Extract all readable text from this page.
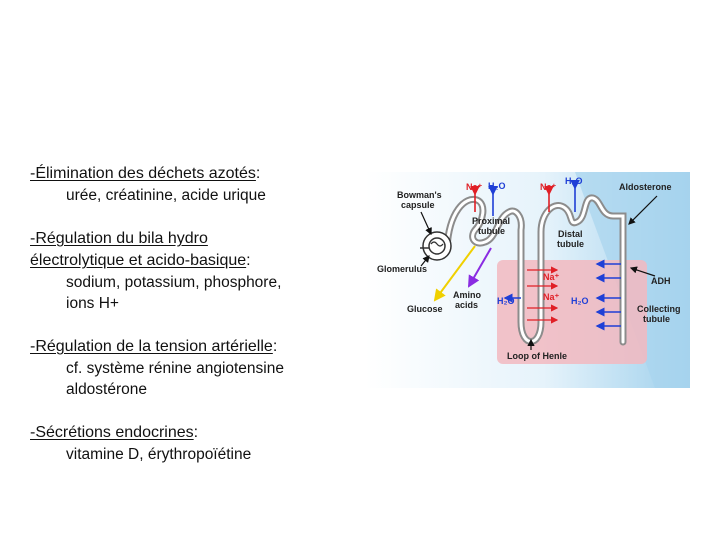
-Élimination des déchets azotés:
urée, créatinine, acide urique
-Régulation du bila hydro
électrolytique et acido-basique:
sodium, potassium, phosphore,
ions H+
-Régulation de la tension artérielle:
cf. système rénine angiotensine
aldostérone
-Sécrétions endocrines:
vitamine D, érythropoïétine
Bowman's
capsule
Na⁺ H₂O
Proximal
tubule
Na⁺
H₂O
Aldosterone
Distal
tubule
Glomerulus
Glucose
Amino
acids H₂O
Na⁺
Na⁺ H₂O
ADH
Collecting
tubule
Loop of Henle
